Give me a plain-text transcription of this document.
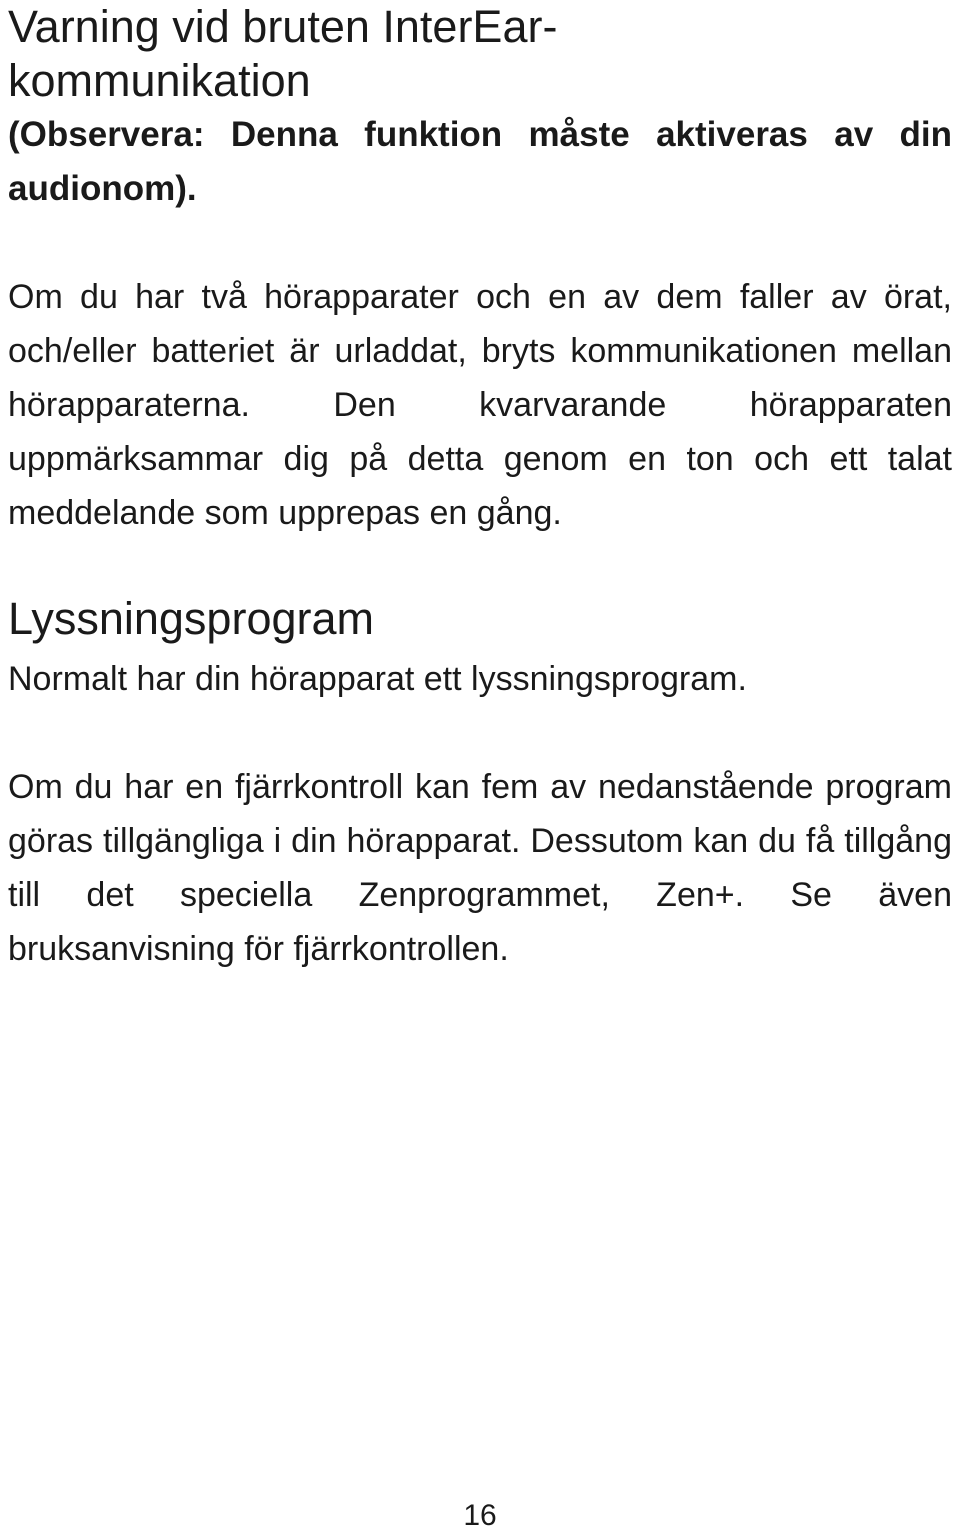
Varning vid bruten InterEar-kommunikation

(Observera: Denna funktion måste aktiveras av din audionom).

Om du har två hörapparater och en av dem faller av örat, och/eller batteriet är urladdat, bryts kommunikationen mellan hörapparaterna. Den kvarvarande hörapparaten uppmärksammar dig på detta genom en ton och ett talat meddelande som upprepas en gång.

Lyssningsprogram

Normalt har din hörapparat ett lyssningsprogram.

Om du har en fjärrkontroll kan fem av nedanstående program göras tillgängliga i din hörapparat. Dessutom kan du få tillgång till det speciella Zenprogrammet, Zen+. Se även bruksanvisning för fjärrkontrollen.

16
